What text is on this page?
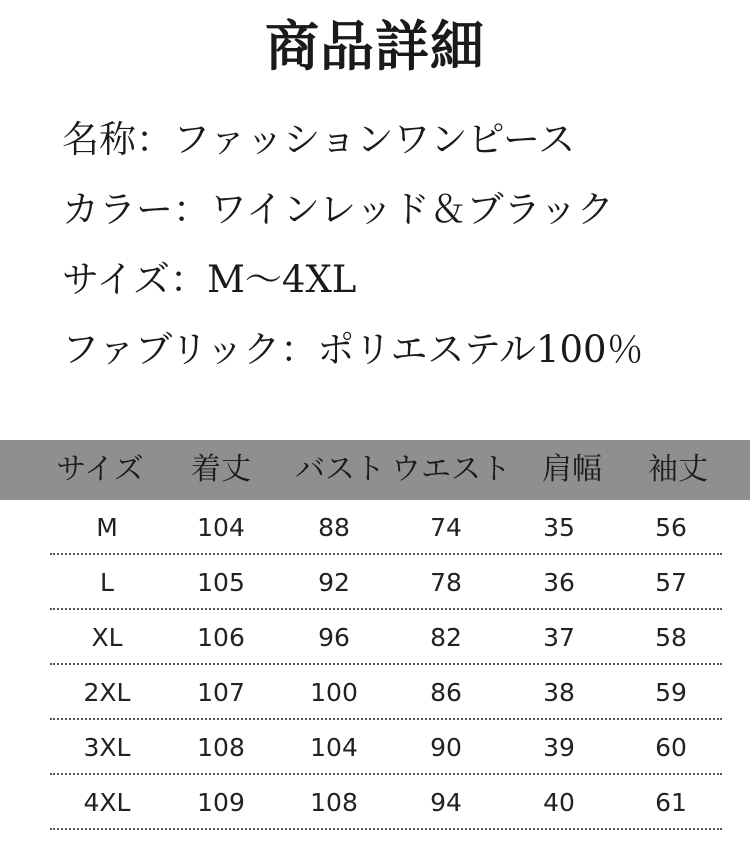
商品詳細
名称：ファッションワンピース
カラー：ワインレッド＆ブラック
サイズ：M～4XL
ファブリック：ポリエステル100％
サイズ 着丈 バスト ウエスト 肩幅 袖丈
M	104	88	74	35	56
L	105	92	78	36	57
XL	106	96	82	37	58
2XL	107	100	86	38	59
3XL	108	104	90	39	60
4XL	109	108	94	40	61
